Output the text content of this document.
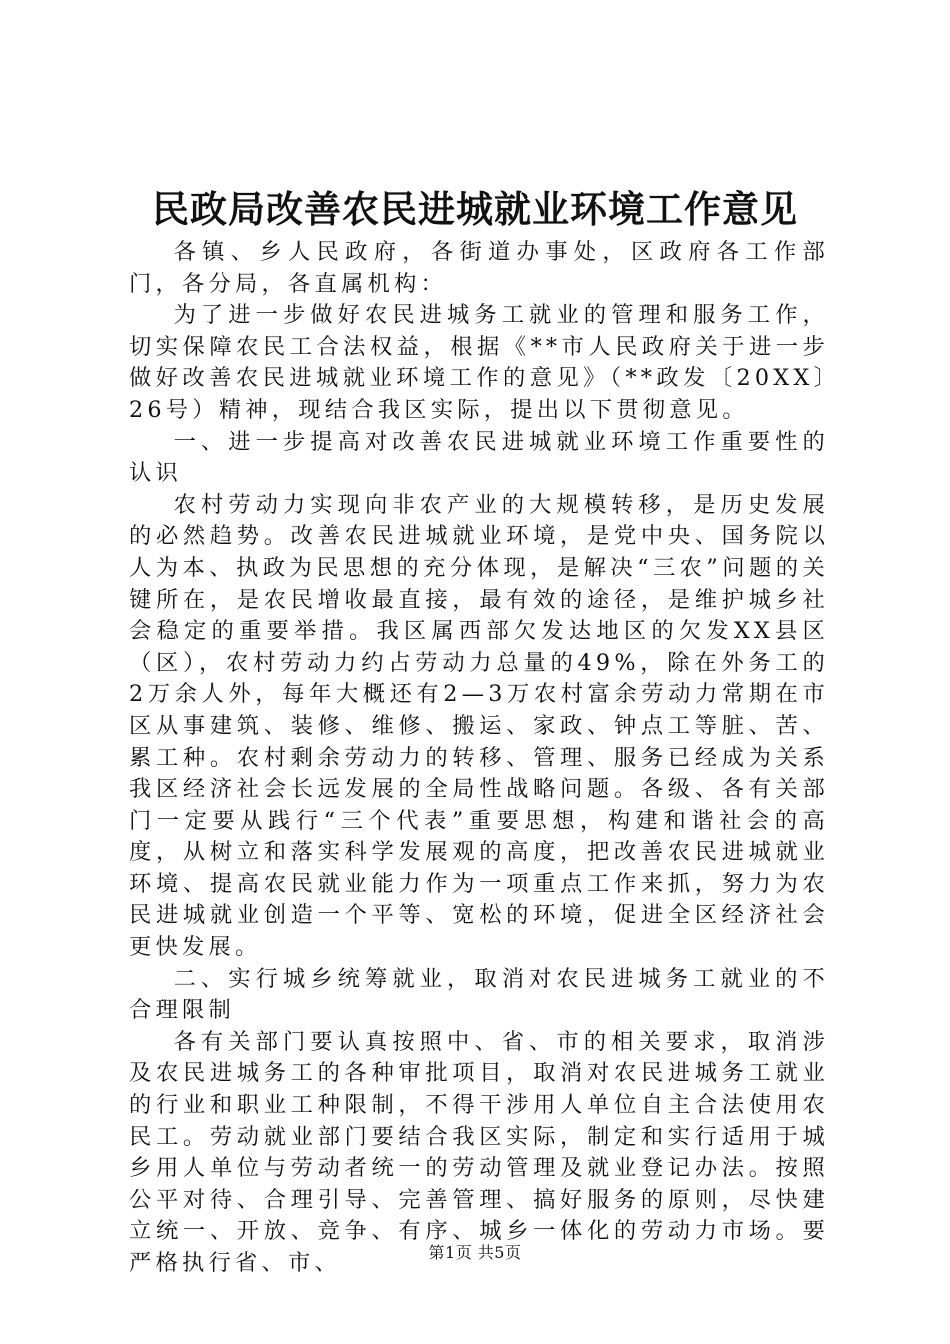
民政局改善农民进城就业环境工作意见

各镇、乡人民政府，各街道办事处，区政府各工作部门，各分局，各直属机构：

为了进一步做好农民进城务工就业的管理和服务工作，切实保障农民工合法权益，根据《**市人民政府关于进一步做好改善农民进城就业环境工作的意见》（**政发〔20XX〕26号）精神，现结合我区实际，提出以下贯彻意见。

一、进一步提高对改善农民进城就业环境工作重要性的认识

农村劳动力实现向非农产业的大规模转移，是历史发展的必然趋势。改善农民进城就业环境，是党中央、国务院以人为本、执政为民思想的充分体现，是解决“三农”问题的关键所在，是农民增收最直接，最有效的途径，是维护城乡社会稳定的重要举措。我区属西部欠发达地区的欠发XX县区（区），农村劳动力约占劳动力总量的49%，除在外务工的2万余人外，每年大概还有2—3万农村富余劳动力常期在市区从事建筑、装修、维修、搬运、家政、钟点工等脏、苦、累工种。农村剩余劳动力的转移、管理、服务已经成为关系我区经济社会长远发展的全局性战略问题。各级、各有关部门一定要从践行“三个代表”重要思想，构建和谐社会的高度，从树立和落实科学发展观的高度，把改善农民进城就业环境、提高农民就业能力作为一项重点工作来抓，努力为农民进城就业创造一个平等、宽松的环境，促进全区经济社会更快发展。

二、实行城乡统筹就业，取消对农民进城务工就业的不合理限制

各有关部门要认真按照中、省、市的相关要求，取消涉及农民进城务工的各种审批项目，取消对农民进城务工就业的行业和职业工种限制，不得干涉用人单位自主合法使用农民工。劳动就业部门要结合我区实际，制定和实行适用于城乡用人单位与劳动者统一的劳动管理及就业登记办法。按照公平对待、合理引导、完善管理、搞好服务的原则，尽快建立统一、开放、竞争、有序、城乡一体化的劳动力市场。要严格执行省、市、	第1页 共5页
